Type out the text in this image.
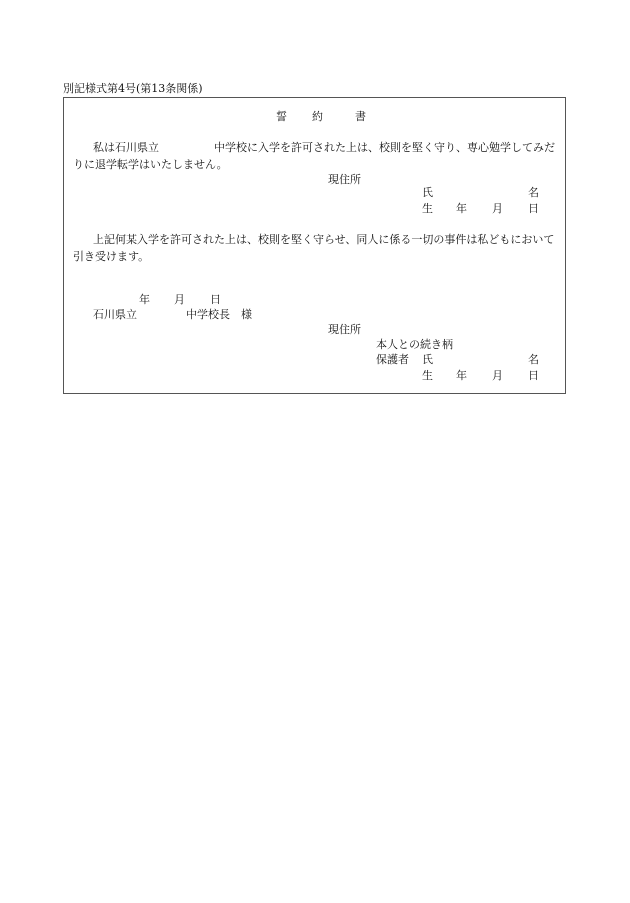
別記様式第4号(第13条関係)
誓 約	書
私は石川県立　　　　　中学校に入学を許可された上は、校則を堅く守り、専心勉学してみだりに退学転学はいたしません。
現住所
氏	名
生 年 月 日
上記何某入学を許可された上は、校則を堅く守らせ、同人に係る一切の事件は私どもにおいて引き受けます。
年 月 日
石川県立	中学校長　様
現住所
本人との続き柄
保護者 氏	名
生 年 月 日
